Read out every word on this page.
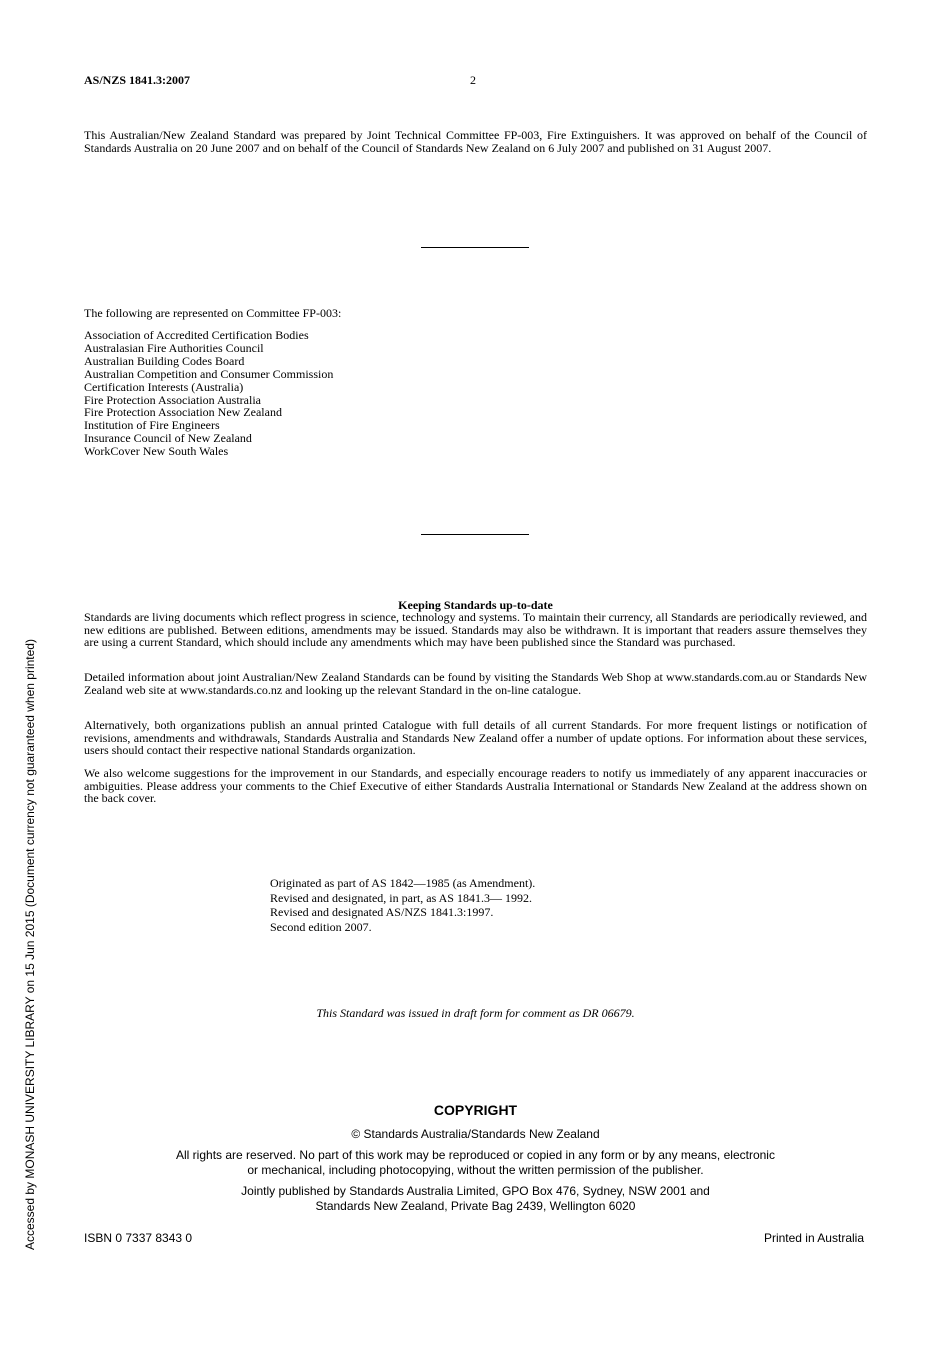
AS/NZS 1841.3:2007	2

This Australian/New Zealand Standard was prepared by Joint Technical Committee FP-003, Fire Extinguishers. It was approved on behalf of the Council of Standards Australia on 20 June 2007 and on behalf of the Council of Standards New Zealand on 6 July 2007 and published on 31 August 2007.

The following are represented on Committee FP-003:
Association of Accredited Certification Bodies
Australasian Fire Authorities Council
Australian Building Codes Board
Australian Competition and Consumer Commission
Certification Interests (Australia)
Fire Protection Association Australia
Fire Protection Association New Zealand
Institution of Fire Engineers
Insurance Council of New Zealand
WorkCover New South Wales
Keeping Standards up-to-date

Standards are living documents which reflect progress in science, technology and systems. To maintain their currency, all Standards are periodically reviewed, and new editions are published. Between editions, amendments may be issued. Standards may also be withdrawn. It is important that readers assure themselves they are using a current Standard, which should include any amendments which may have been published since the Standard was purchased.

Detailed information about joint Australian/New Zealand Standards can be found by visiting the Standards Web Shop at www.standards.com.au or Standards New Zealand web site at www.standards.co.nz and looking up the relevant Standard in the on-line catalogue.

Alternatively, both organizations publish an annual printed Catalogue with full details of all current Standards. For more frequent listings or notification of revisions, amendments and withdrawals, Standards Australia and Standards New Zealand offer a number of update options. For information about these services, users should contact their respective national Standards organization.

We also welcome suggestions for the improvement in our Standards, and especially encourage readers to notify us immediately of any apparent inaccuracies or ambiguities. Please address your comments to the Chief Executive of either Standards Australia International or Standards New Zealand at the address shown on the back cover.

Originated as part of AS 1842—1985 (as Amendment).
Revised and designated, in part, as AS 1841.3— 1992.
Revised and designated AS/NZS 1841.3:1997.
Second edition 2007.
This Standard was issued in draft form for comment as DR 06679.
COPYRIGHT
© Standards Australia/Standards New Zealand
All rights are reserved. No part of this work may be reproduced or copied in any form or by any means, electronic
or mechanical, including photocopying, without the written permission of the publisher.
Jointly published by Standards Australia Limited, GPO Box 476, Sydney, NSW 2001 and
Standards New Zealand, Private Bag 2439, Wellington 6020
ISBN 0 7337 8343 0	Printed in Australia
Accessed by MONASH UNIVERSITY LIBRARY on 15 Jun 2015 (Document currency not guaranteed when printed)
